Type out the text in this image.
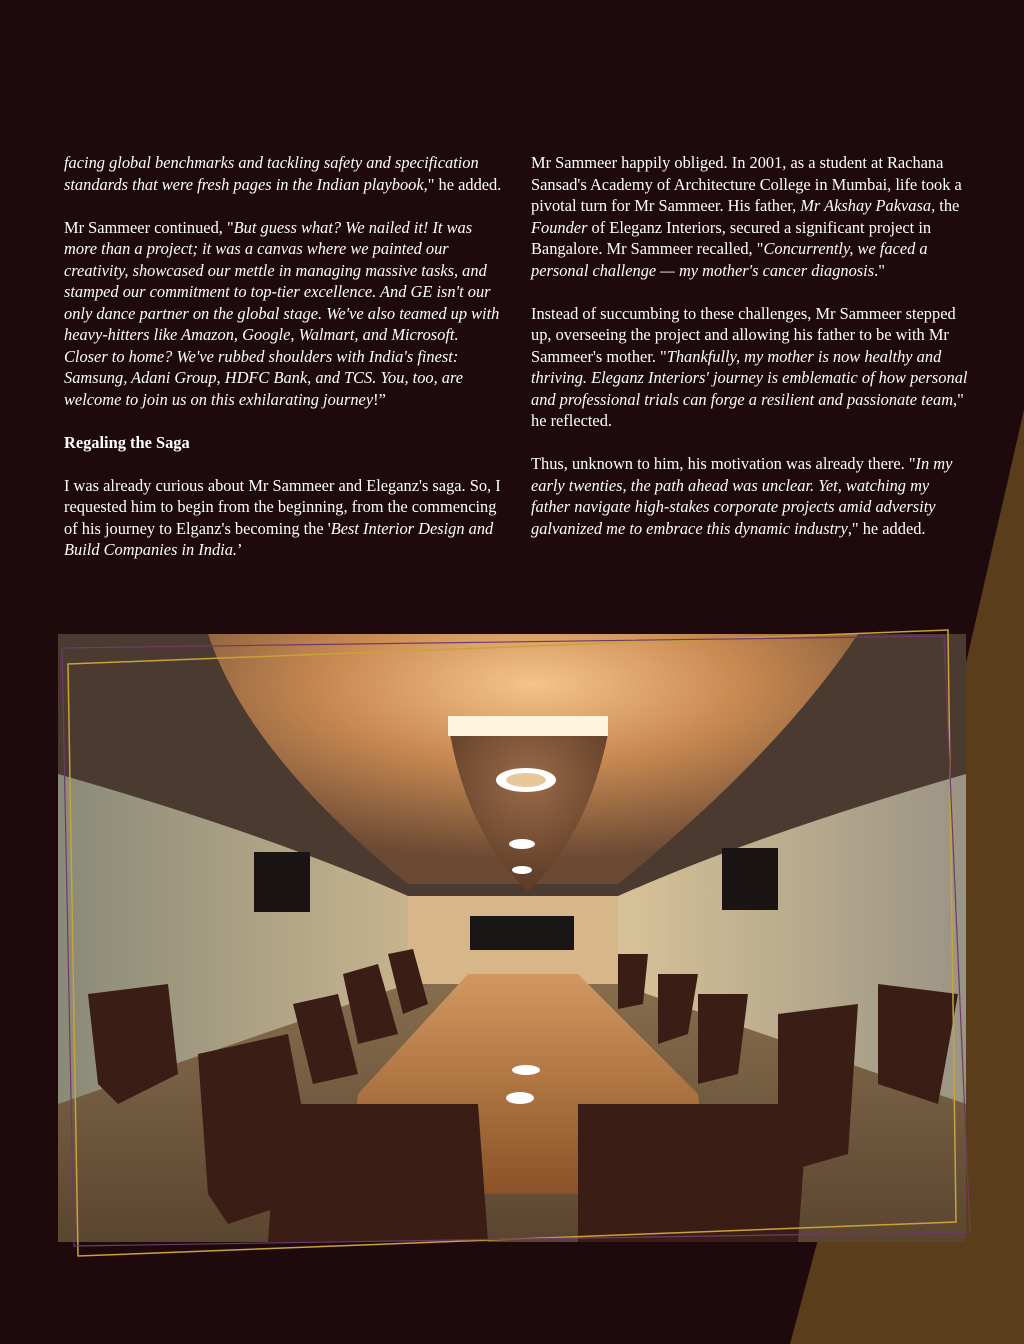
facing global benchmarks and tackling safety and specification standards that were fresh pages in the Indian playbook," he added.

Mr Sammeer continued, "But guess what? We nailed it! It was more than a project; it was a canvas where we painted our creativity, showcased our mettle in managing massive tasks, and stamped our commitment to top-tier excellence. And GE isn't our only dance partner on the global stage. We've also teamed up with heavy-hitters like Amazon, Google, Walmart, and Microsoft. Closer to home? We've rubbed shoulders with India's finest: Samsung, Adani Group, HDFC Bank, and TCS. You, too, are welcome to join us on this exhilarating journey!”

Regaling the Saga

I was already curious about Mr Sammeer and Eleganz's saga. So, I requested him to begin from the beginning, from the commencing of his journey to Elganz's becoming the 'Best Interior Design and Build Companies in India.’

Mr Sammeer happily obliged. In 2001, as a student at Rachana Sansad's Academy of Architecture College in Mumbai, life took a pivotal turn for Mr Sammeer. His father, Mr Akshay Pakvasa, the Founder of Eleganz Interiors, secured a significant project in Bangalore. Mr Sammeer recalled, "Concurrently, we faced a personal challenge — my mother's cancer diagnosis."

Instead of succumbing to these challenges, Mr Sammeer stepped up, overseeing the project and allowing his father to be with Mr Sammeer's mother. "Thankfully, my mother is now healthy and thriving. Eleganz Interiors' journey is emblematic of how personal and professional trials can forge a resilient and passionate team," he reflected.

Thus, unknown to him, his motivation was already there. "In my early twenties, the path ahead was unclear. Yet, watching my father navigate high-stakes corporate projects amid adversity galvanized me to embrace this dynamic industry," he added.
